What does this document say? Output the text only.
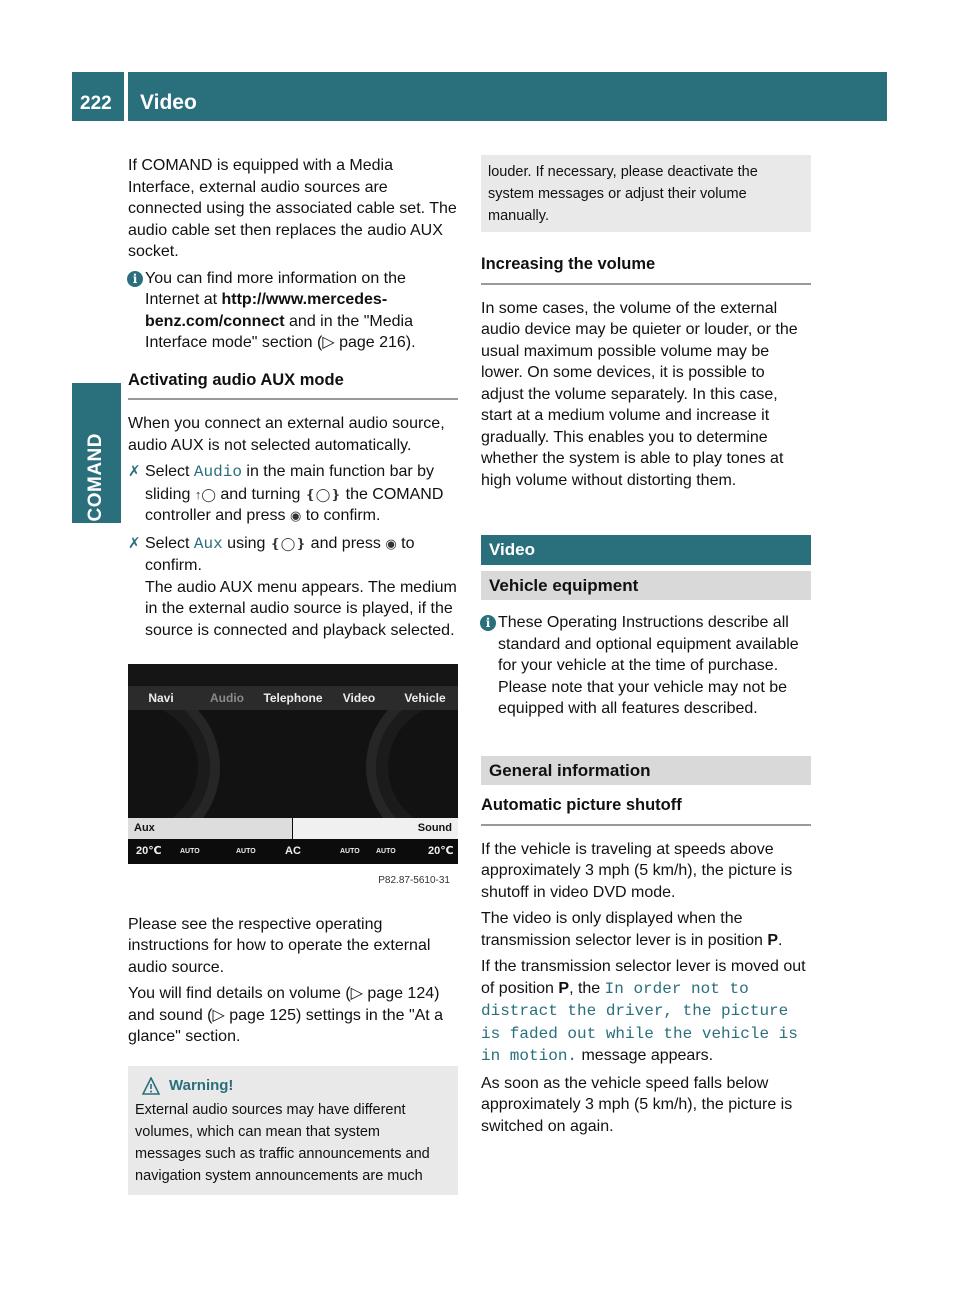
222 Video
COMAND

If COMAND is equipped with a Media Interface, external audio sources are connected using the associated cable set. The audio cable set then replaces the audio AUX socket.

i You can find more information on the Internet at http://www.mercedes-benz.com/connect and in the "Media Interface mode" section (▷ page 216).
Activating audio AUX mode

When you connect an external audio source, audio AUX is not selected automatically.

✗ Select Audio in the main function bar by sliding ↑◯ and turning ❴◯❵ the COMAND controller and press ◉ to confirm.
✗ Select Aux using ❴◯❵ and press ◉ to confirm.
The audio AUX menu appears. The medium in the external audio source is played, if the source is connected and playback selected.
Navi	Audio	Telephone	Video	Vehicle
Aux	Sound
20℃	AUTO	AUTO	AC	AUTO AUTO	20℃
P82.87-5610-31

Please see the respective operating instructions for how to operate the external audio source.

You will find details on volume (▷ page 124) and sound (▷ page 125) settings in the "At a glance" section.

Warning!
External audio sources may have different volumes, which can mean that system messages such as traffic announcements and navigation system announcements are much
louder. If necessary, please deactivate the system messages or adjust their volume manually.
Increasing the volume

In some cases, the volume of the external audio device may be quieter or louder, or the usual maximum possible volume may be lower. On some devices, it is possible to adjust the volume separately. In this case, start at a medium volume and increase it gradually. This enables you to determine whether the system is able to play tones at high volume without distorting them.

Video
Vehicle equipment
i These Operating Instructions describe all standard and optional equipment available for your vehicle at the time of purchase. Please note that your vehicle may not be equipped with all features described.
General information
Automatic picture shutoff

If the vehicle is traveling at speeds above approximately 3 mph (5 km/h), the picture is shutoff in video DVD mode.

The video is only displayed when the transmission selector lever is in position P.

If the transmission selector lever is moved out of position P, the In order not to distract the driver, the picture is faded out while the vehicle is in motion. message appears.

As soon as the vehicle speed falls below approximately 3 mph (5 km/h), the picture is switched on again.
